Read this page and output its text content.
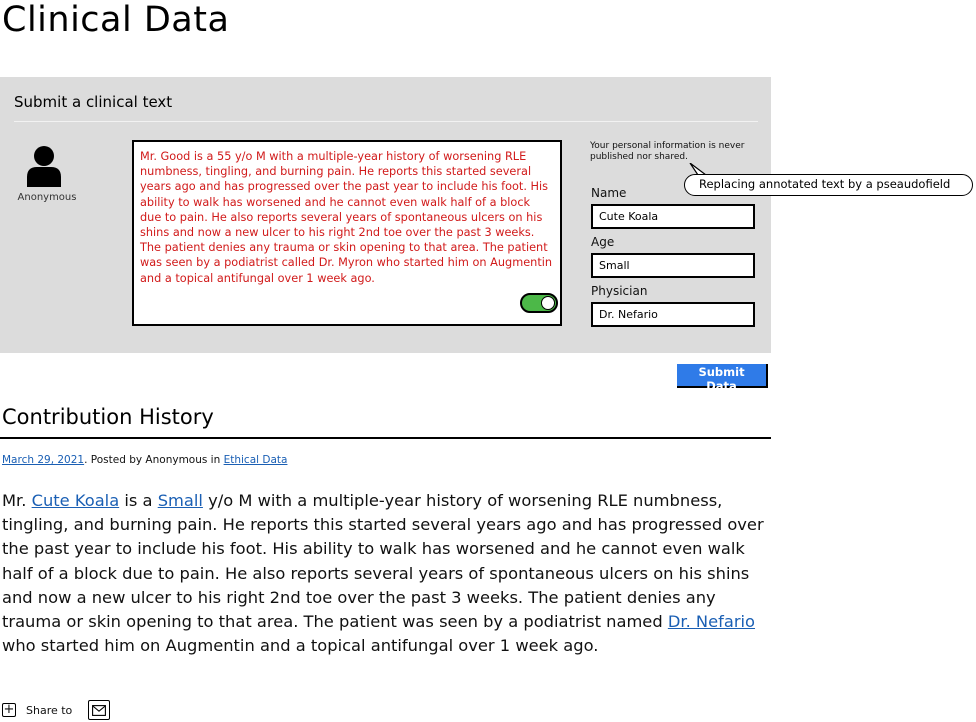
Clinical Data
Submit a clinical text
Anonymous
Mr. Good is a 55 y/o M with a multiple-year history of worsening RLE numbness, tingling, and burning pain. He reports this started several years ago and has progressed over the past year to include his foot. His ability to walk has worsened and he cannot even walk half of a block due to pain. He also reports several years of spontaneous ulcers on his shins and now a new ulcer to his right 2nd toe over the past 3 weeks. The patient denies any trauma or skin opening to that area. The patient was seen by a podiatrist called Dr. Myron who started him on Augmentin and a topical antifungal over 1 week ago.
Your personal information is never published nor shared.
Name
Cute Koala
Age
Small
Physician
Dr. Nefario
Replacing annotated text by a pseaudofield
Submit Data
Contribution History
March 29, 2021. Posted by Anonymous in Ethical Data
Mr. Cute Koala is a Small y/o M with a multiple-year history of worsening RLE numbness, tingling, and burning pain. He reports this started several years ago and has progressed over the past year to include his foot. His ability to walk has worsened and he cannot even walk half of a block due to pain. He also reports several years of spontaneous ulcers on his shins and now a new ulcer to his right 2nd toe over the past 3 weeks. The patient denies any trauma or skin opening to that area. The patient was seen by a podiatrist named Dr. Nefario who started him on Augmentin and a topical antifungal over 1 week ago.
+ Share to
